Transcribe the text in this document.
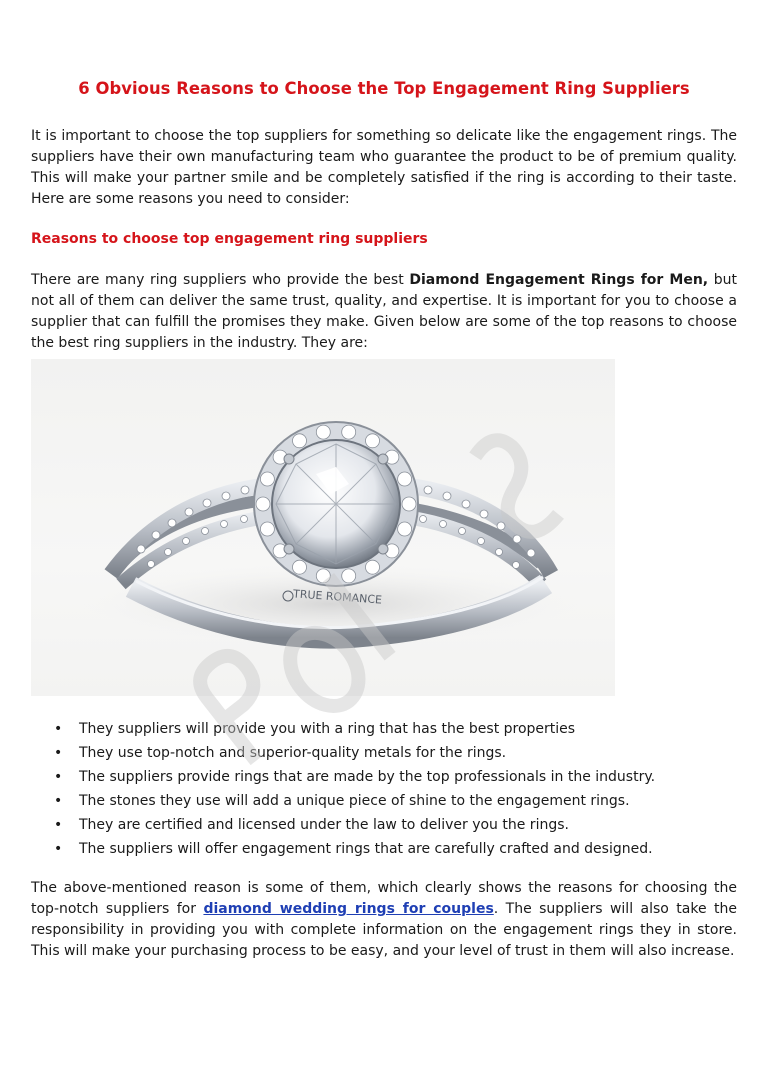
6 Obvious Reasons to Choose the Top Engagement Ring Suppliers

It is important to choose the top suppliers for something so delicate like the engagement rings. The suppliers have their own manufacturing team who guarantee the product to be of premium quality. This will make your partner smile and be completely satisfied if the ring is according to their taste. Here are some reasons you need to consider:

Reasons to choose top engagement ring suppliers

There are many ring suppliers who provide the best Diamond Engagement Rings for Men, but not all of them can deliver the same trust, quality, and expertise. It is important for you to choose a supplier that can fulfill the promises they make. Given below are some of the top reasons to choose the best ring suppliers in the industry. They are:

TRUE ROMANCE
• They suppliers will provide you with a ring that has the best properties
• They use top-notch and superior-quality metals for the rings.
• The suppliers provide rings that are made by the top professionals in the industry.
• The stones they use will add a unique piece of shine to the engagement rings.
• They are certified and licensed under the law to deliver you the rings.
• The suppliers will offer engagement rings that are carefully crafted and designed.

The above-mentioned reason is some of them, which clearly shows the reasons for choosing the top-notch suppliers for diamond wedding rings for couples. The suppliers will also take the responsibility in providing you with complete information on the engagement rings they in store. This will make your purchasing process to be easy, and your level of trust in them will also increase.
